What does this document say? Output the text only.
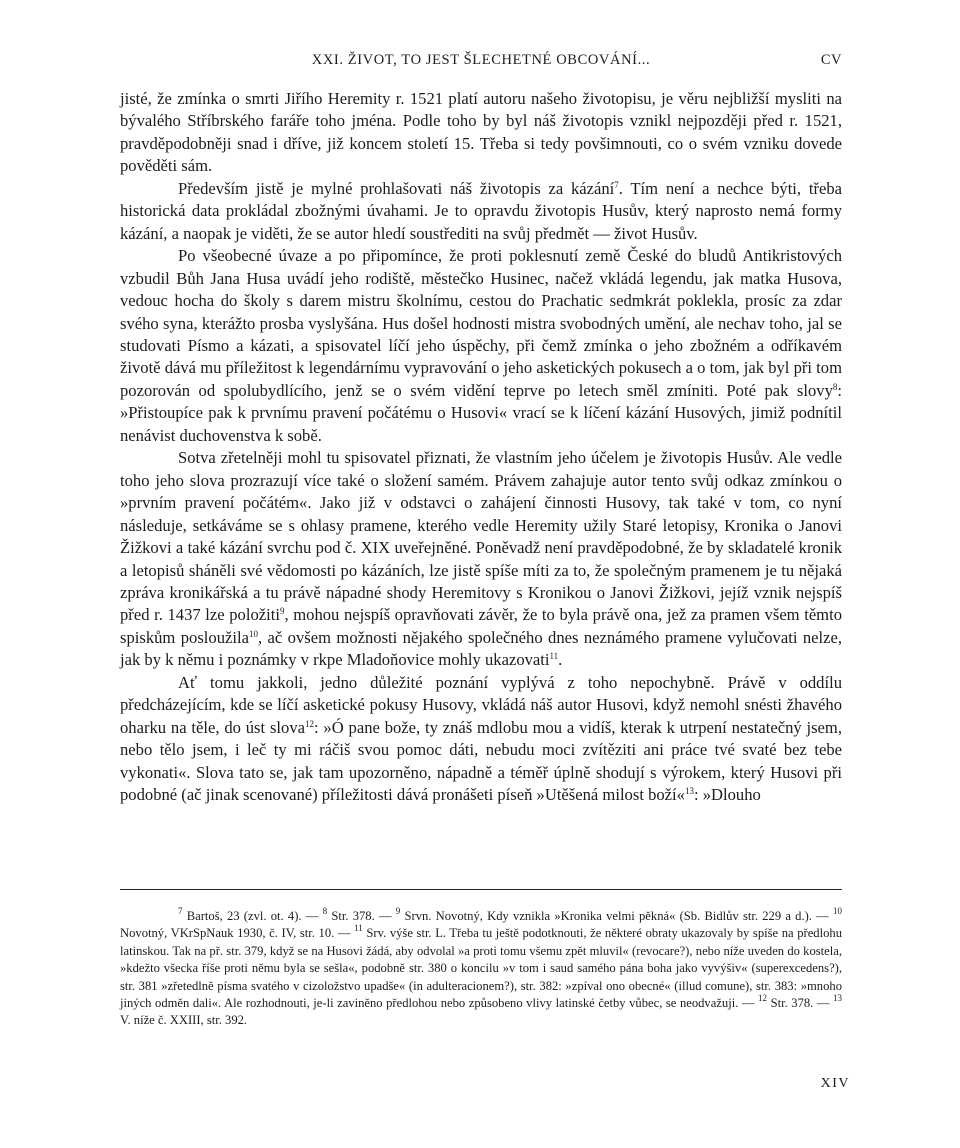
XXI. ŽIVOT, TO JEST ŠLECHETNÉ OBCOVÁNÍ...	CV

jisté, že zmínka o smrti Jiřího Heremity r. 1521 platí autoru našeho životopisu, je věru nejbližší mysliti na bývalého Stříbrského faráře toho jména. Podle toho by byl náš životopis vznikl nejpozději před r. 1521, pravděpodobněji snad i dříve, již koncem století 15. Třeba si tedy povšimnouti, co o svém vzniku dovede pověděti sám.

Především jistě je mylné prohlašovati náš životopis za kázání$^7$. Tím není a nechce býti, třeba historická data prokládal zbožnými úvahami. Je to opravdu životopis Husův, který naprosto nemá formy kázání, a naopak je viděti, že se autor hledí soustřediti na svůj předmět — život Husův.

Po všeobecné úvaze a po připomínce, že proti poklesnutí země České do bludů Antikristových vzbudil Bůh Jana Husa uvádí jeho rodiště, městečko Husinec, načež vkládá legendu, jak matka Husova, vedouc hocha do školy s darem mistru školnímu, cestou do Prachatic sedmkrát poklekla, prosíc za zdar svého syna, kterážto prosba vyslyšána. Hus došel hodnosti mistra svobodných umění, ale nechav toho, jal se studovati Písmo a kázati, a spisovatel líčí jeho úspěchy, při čemž zmínka o jeho zbožném a odříkavém životě dává mu příležitost k legendárnímu vypravování o jeho asketických pokusech a o tom, jak byl při tom pozorován od spolubydlícího, jenž se o svém vidění teprve po letech směl zmíniti. Poté pak slovy$^8$: »Přistoupíce pak k prvnímu pravení počátému o Husovi« vrací se k líčení kázání Husových, jimiž podnítil nenávist duchovenstva k sobě.

Sotva zřetelněji mohl tu spisovatel přiznati, že vlastním jeho účelem je životopis Husův. Ale vedle toho jeho slova prozrazují více také o složení samém. Právem zahajuje autor tento svůj odkaz zmínkou o »prvním pravení počátém«. Jako již v odstavci o zahájení činnosti Husovy, tak také v tom, co nyní následuje, setkáváme se s ohlasy pramene, kterého vedle Heremity užily Staré letopisy, Kronika o Janovi Žižkovi a také kázání svrchu pod č. XIX uveřejněné. Poněvadž není pravděpodobné, že by skladatelé kronik a letopisů sháněli své vědomosti po kázáních, lze jistě spíše míti za to, že společným pramenem je tu nějaká zpráva kronikářská a tu právě nápadné shody Heremitovy s Kronikou o Janovi Žižkovi, jejíž vznik nejspíš před r. 1437 lze položiti$^9$, mohou nejspíš opravňovati závěr, že to byla právě ona, jež za pramen všem těmto spiskům posloužila$^{10}$, ač ovšem možnosti nějakého společného dnes neznámého pramene vylučovati nelze, jak by k němu i poznámky v rkpe Mladoňovice mohly ukazovati$^{11}$.

Ať tomu jakkoli, jedno důležité poznání vyplývá z toho nepochybně. Právě v oddílu předcházejícím, kde se líčí asketické pokusy Husovy, vkládá náš autor Husovi, když nemohl snésti žhavého oharku na těle, do úst slova$^{12}$: »Ó pane bože, ty znáš mdlobu mou a vidíš, kterak k utrpení nestatečný jsem, nebo tělo jsem, i leč ty mi ráčiš svou pomoc dáti, nebudu moci zvítěziti ani práce tvé svaté bez tebe vykonati«. Slova tato se, jak tam upozorněno, nápadně a téměř úplně shodují s výrokem, který Husovi při podobné (ač jinak scenované) příležitosti dává pronášeti píseň »Utěšená milost boží«$^{13}$: »Dlouho

$^7$ Bartoš, 23 (zvl. ot. 4). — $^8$ Str. 378. — $^9$ Srvn. Novotný, Kdy vznikla »Kronika velmi pěkná« (Sb. Bidlův str. 229 a d.). — $^{10}$ Novotný, VKrSpNauk 1930, č. IV, str. 10. — $^{11}$ Srv. výše str. L. Třeba tu ještě podotknouti, že některé obraty ukazovaly by spíše na předlohu latinskou. Tak na př. str. 379, když se na Husovi žádá, aby odvolal »a proti tomu všemu zpět mluvil« (revocare?), nebo níže uveden do kostela, »kdežto všecka říše proti němu byla se sešla«, podobně str. 380 o koncilu »v tom i saud samého pána boha jako vyvýšiv« (superexcedens?), str. 381 »zřetedlně písma svatého v cizoložstvo upadše« (in adulteracionem?), str. 382: »zpíval ono obecné« (illud comune), str. 383: »mnoho jiných odměn dali«. Ale rozhodnouti, je-li zaviněno předlohou nebo způsobeno vlivy latinské četby vůbec, se neodvažuji. — $^{12}$ Str. 378. — $^{13}$ V. níže č. XXIII, str. 392.

XIV
